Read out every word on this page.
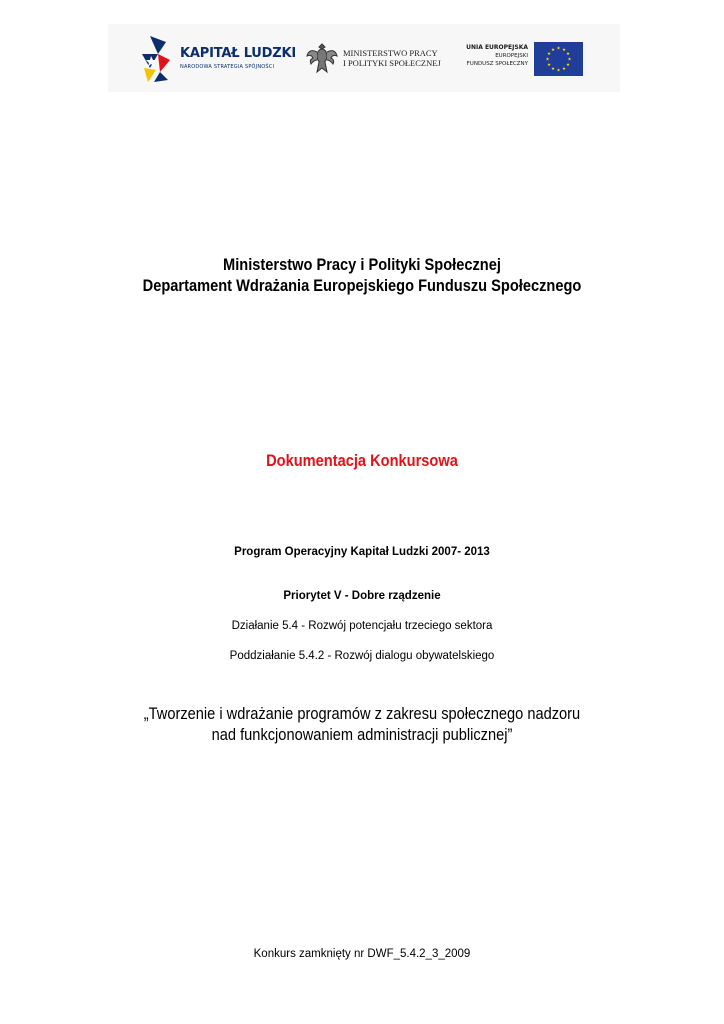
KAPITAŁ LUDZKI
NARODOWA STRATEGIA SPÓJNOŚCI
MINISTERSTWO PRACY
I POLITYKI SPOŁECZNEJ
UNIA EUROPEJSKA
EUROPEJSKI
FUNDUSZ SPOŁECZNY
★
★
★
★
★
★
★
★
★ ★ ★
★
Ministerstwo Pracy i Polityki Społecznej
Departament Wdrażania Europejskiego Funduszu Społecznego
Dokumentacja Konkursowa
Program Operacyjny Kapitał Ludzki 2007- 2013
Priorytet V - Dobre rządzenie
Działanie 5.4 - Rozwój potencjału trzeciego sektora
Poddziałanie 5.4.2 - Rozwój dialogu obywatelskiego
„Tworzenie i wdrażanie programów z zakresu społecznego nadzoru
nad funkcjonowaniem administracji publicznej”
Konkurs zamknięty nr DWF_5.4.2_3_2009
